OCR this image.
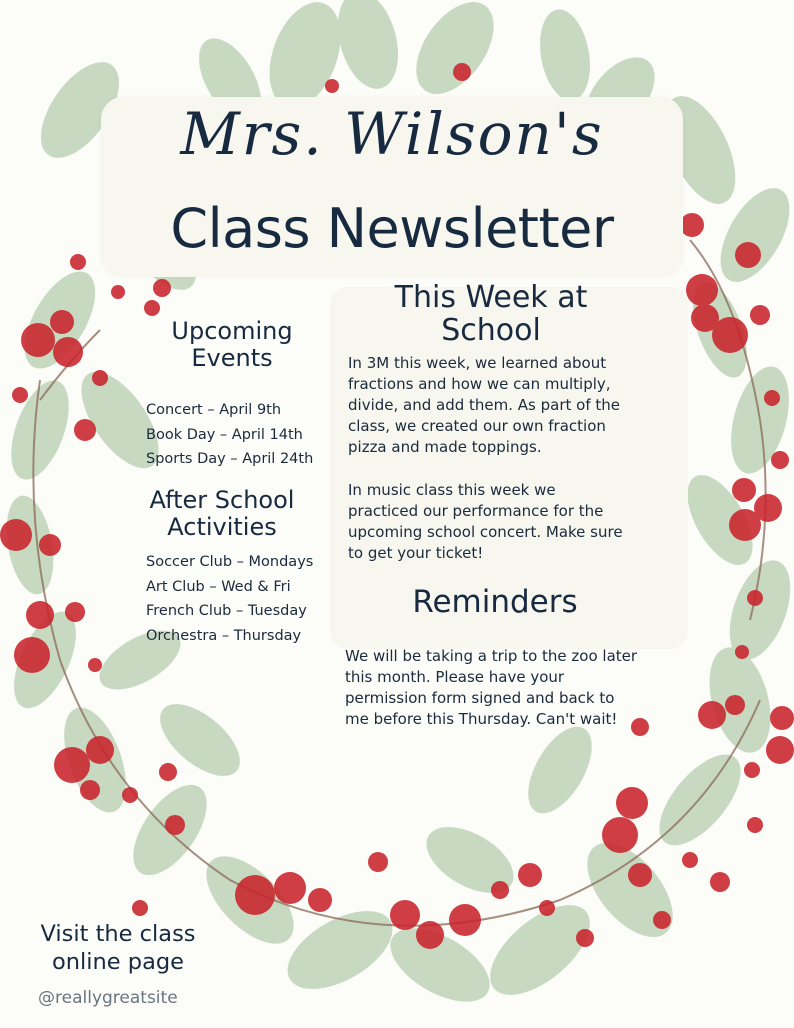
Mrs. Wilson's
Class Newsletter
This Week at
School
In 3M this week, we learned about
fractions and how we can multiply,
divide, and add them. As part of the
class, we created our own fraction
pizza and made toppings.
In music class this week we
practiced our performance for the
upcoming school concert. Make sure
to get your ticket!
Reminders
We will be taking a trip to the zoo later
this month. Please have your
permission form signed and back to
me before this Thursday. Can't wait!
Upcoming
Events
Concert – April 9th
Book Day – April 14th
Sports Day – April 24th
After School
Activities
Soccer Club – Mondays
Art Club – Wed & Fri
French Club – Tuesday
Orchestra – Thursday
Visit the class
online page
@reallygreatsite
